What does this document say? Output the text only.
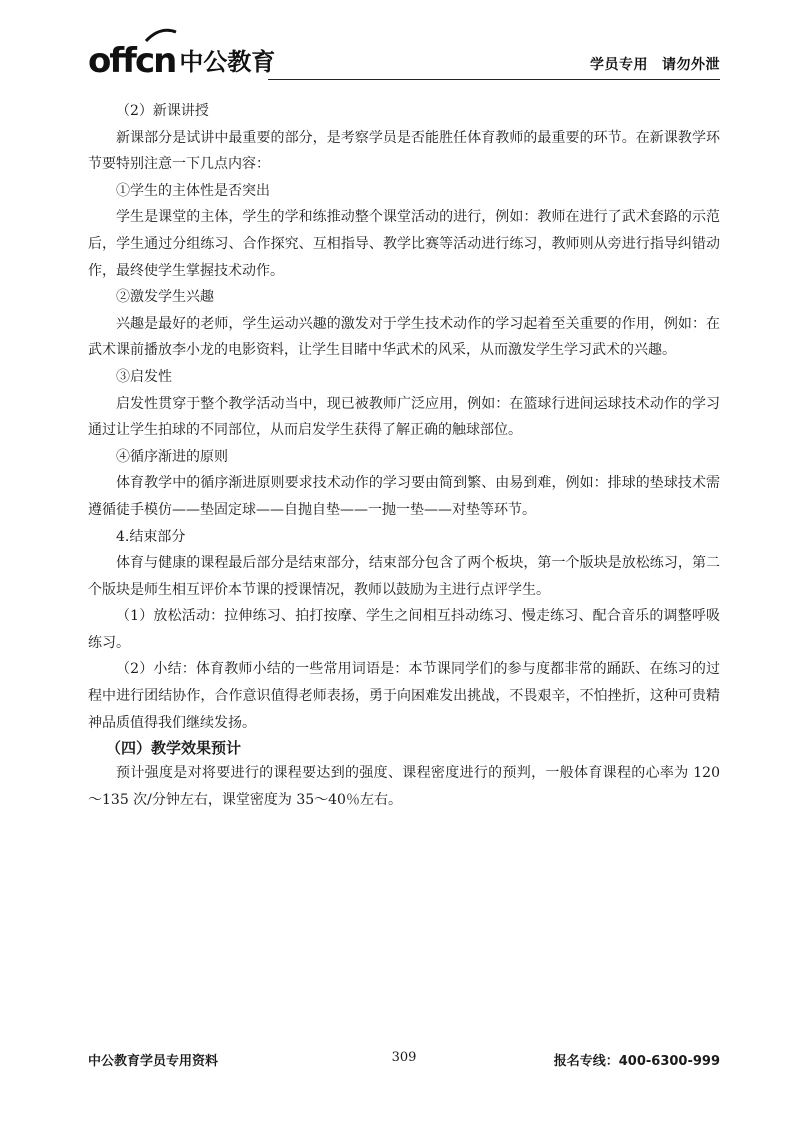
offcn 中公教育	学员专用 请勿外泄

（2）新课讲授

新课部分是试讲中最重要的部分，是考察学员是否能胜任体育教师的最重要的环节。在新课教学环节要特别注意一下几点内容：

①学生的主体性是否突出

学生是课堂的主体，学生的学和练推动整个课堂活动的进行，例如：教师在进行了武术套路的示范后，学生通过分组练习、合作探究、互相指导、教学比赛等活动进行练习，教师则从旁进行指导纠错动作，最终使学生掌握技术动作。

②激发学生兴趣

兴趣是最好的老师，学生运动兴趣的激发对于学生技术动作的学习起着至关重要的作用，例如：在武术课前播放李小龙的电影资料，让学生目睹中华武术的风采，从而激发学生学习武术的兴趣。

③启发性

启发性贯穿于整个教学活动当中，现已被教师广泛应用，例如：在篮球行进间运球技术动作的学习通过让学生拍球的不同部位，从而启发学生获得了解正确的触球部位。

④循序渐进的原则

体育教学中的循序渐进原则要求技术动作的学习要由简到繁、由易到难，例如：排球的垫球技术需遵循徒手模仿——垫固定球——自抛自垫——一抛一垫——对垫等环节。

4.结束部分

体育与健康的课程最后部分是结束部分，结束部分包含了两个板块，第一个版块是放松练习，第二个版块是师生相互评价本节课的授课情况，教师以鼓励为主进行点评学生。

（1）放松活动：拉伸练习、拍打按摩、学生之间相互抖动练习、慢走练习、配合音乐的调整呼吸练习。

（2）小结：体育教师小结的一些常用词语是：本节课同学们的参与度都非常的踊跃、在练习的过程中进行团结协作，合作意识值得老师表扬，勇于向困难发出挑战，不畏艰辛，不怕挫折，这种可贵精神品质值得我们继续发扬。

（四）教学效果预计

预计强度是对将要进行的课程要达到的强度、课程密度进行的预判，一般体育课程的心率为 120～135 次/分钟左右，课堂密度为 35～40％左右。

中公教育学员专用资料	309	报名专线：400-6300-999
